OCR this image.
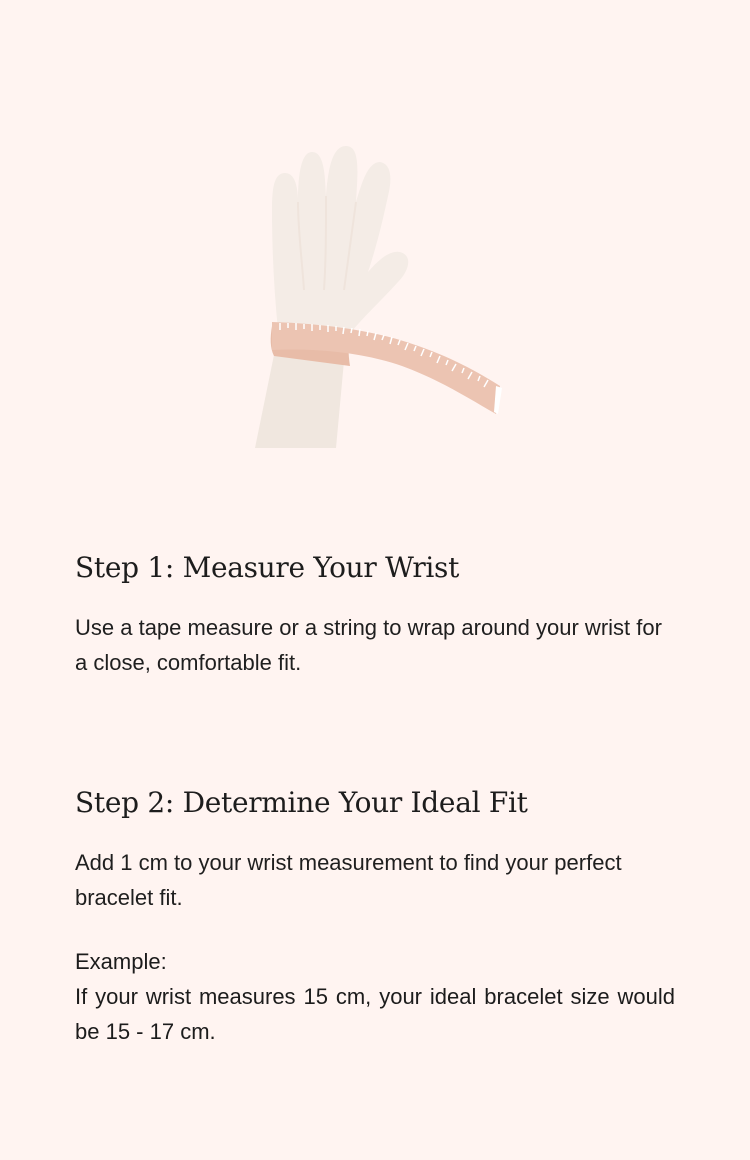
Step 1: Measure Your Wrist

Use a tape measure or a string to wrap around your wrist for a close, comfortable fit.

Step 2: Determine Your Ideal Fit

Add 1 cm to your wrist measurement to find your perfect bracelet fit.

Example:

If your wrist measures 15 cm, your ideal bracelet size would be 15 - 17 cm.
